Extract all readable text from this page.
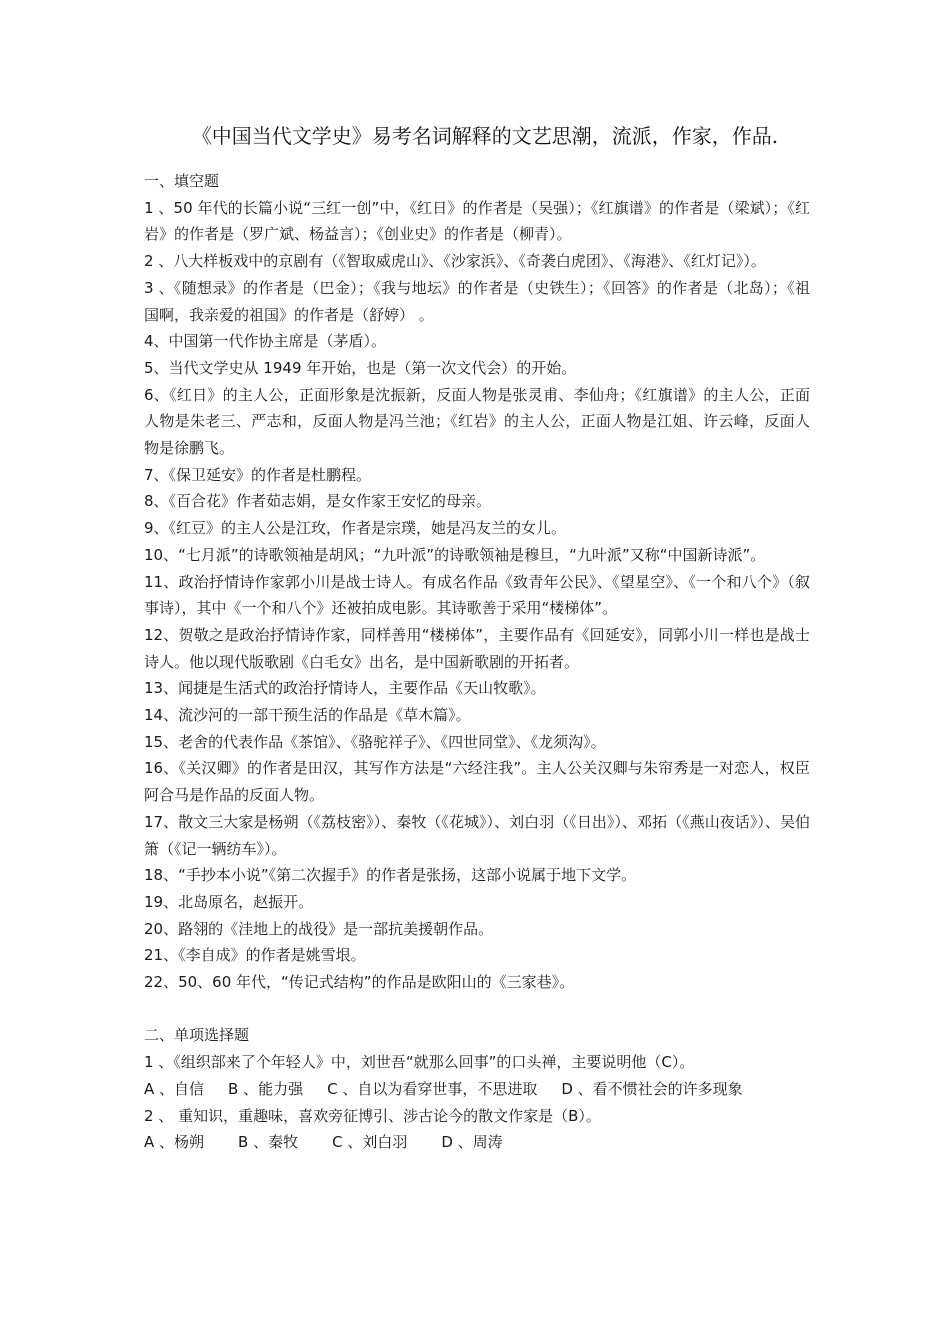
《中国当代文学史》易考名词解释的文艺思潮，流派，作家，作品.

一、填空题

1 、50 年代的长篇小说“三红一创”中，《红日》的作者是（吴强）；《红旗谱》的作者是（梁斌）；《红岩》的作者是（罗广斌、杨益言）；《创业史》的作者是（柳青）。

2 、八大样板戏中的京剧有（《智取威虎山》、《沙家浜》、《奇袭白虎团》、《海港》、《红灯记》）。

3 、《随想录》的作者是（巴金）；《我与地坛》的作者是（史铁生）；《回答》的作者是（北岛）；《祖国啊，我亲爱的祖国》的作者是（舒婷） 。

4、中国第一代作协主席是（茅盾）。

5、当代文学史从 1949 年开始，也是（第一次文代会）的开始。

6、《红日》的主人公，正面形象是沈振新，反面人物是张灵甫、李仙舟；《红旗谱》的主人公，正面人物是朱老三、严志和，反面人物是冯兰池；《红岩》的主人公，正面人物是江姐、许云峰，反面人物是徐鹏飞。

7、《保卫延安》的作者是杜鹏程。

8、《百合花》作者茹志娟，是女作家王安忆的母亲。

9、《红豆》的主人公是江玫，作者是宗璞，她是冯友兰的女儿。

10、“七月派”的诗歌领袖是胡风；“九叶派”的诗歌领袖是穆旦，“九叶派”又称“中国新诗派”。

11、政治抒情诗作家郭小川是战士诗人。有成名作品《致青年公民》、《望星空》、《一个和八个》（叙事诗），其中《一个和八个》还被拍成电影。其诗歌善于采用“楼梯体”。

12、贺敬之是政治抒情诗作家，同样善用“楼梯体”，主要作品有《回延安》，同郭小川一样也是战士诗人。他以现代版歌剧《白毛女》出名，是中国新歌剧的开拓者。

13、闻捷是生活式的政治抒情诗人，主要作品《天山牧歌》。

14、流沙河的一部干预生活的作品是《草木篇》。

15、老舍的代表作品《茶馆》、《骆驼祥子》、《四世同堂》、《龙须沟》。

16、《关汉卿》的作者是田汉，其写作方法是“六经注我”。主人公关汉卿与朱帘秀是一对恋人，权臣阿合马是作品的反面人物。

17、散文三大家是杨朔（《荔枝密》）、秦牧（《花城》）、刘白羽（《日出》）、邓拓（《燕山夜话》）、吴伯箫（《记一辆纺车》）。

18、“手抄本小说”《第二次握手》的作者是张扬，这部小说属于地下文学。

19、北岛原名，赵振开。

20、路翎的《洼地上的战役》是一部抗美援朝作品。

21、《李自成》的作者是姚雪垠。

22、50、60 年代，“传记式结构”的作品是欧阳山的《三家巷》。

二、单项选择题

1 、《组织部来了个年轻人》中，刘世吾“就那么回事”的口头禅，主要说明他（C）。

A 、自信 B 、能力强 C 、自以为看穿世事，不思进取 D 、看不惯社会的许多现象

2 、 重知识，重趣味，喜欢旁征博引、涉古论今的散文作家是（B）。

A 、杨朔 B 、秦牧 C 、刘白羽 D 、周涛
